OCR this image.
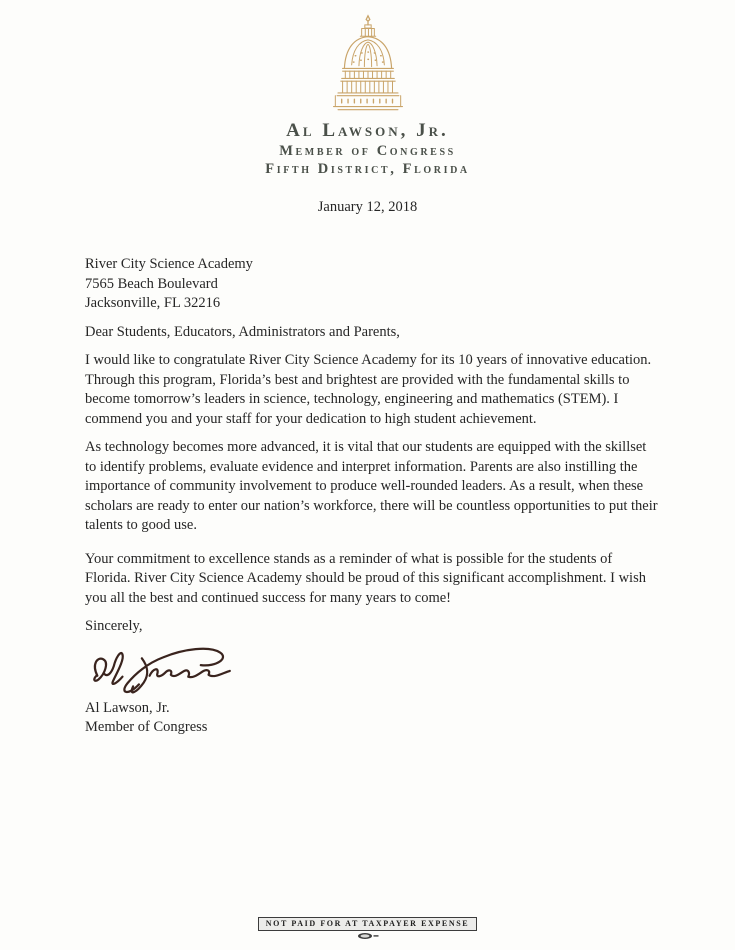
Al Lawson, Jr.
Member of Congress
Fifth District, Florida
January 12, 2018
River City Science Academy
7565 Beach Boulevard
Jacksonville, FL 32216

Dear Students, Educators, Administrators and Parents,

I would like to congratulate River City Science Academy for its 10 years of innovative education. Through this program, Florida’s best and brightest are provided with the fundamental skills to become tomorrow’s leaders in science, technology, engineering and mathematics (STEM). I commend you and your staff for your dedication to high student achievement.

As technology becomes more advanced, it is vital that our students are equipped with the skillset to identify problems, evaluate evidence and interpret information. Parents are also instilling the importance of community involvement to produce well-rounded leaders. As a result, when these scholars are ready to enter our nation’s workforce, there will be countless opportunities to put their talents to good use.

Your commitment to excellence stands as a reminder of what is possible for the students of Florida. River City Science Academy should be proud of this significant accomplishment. I wish you all the best and continued success for many years to come!

Sincerely,

Al Lawson, Jr.
Member of Congress
NOT PAID FOR AT TAXPAYER EXPENSE
